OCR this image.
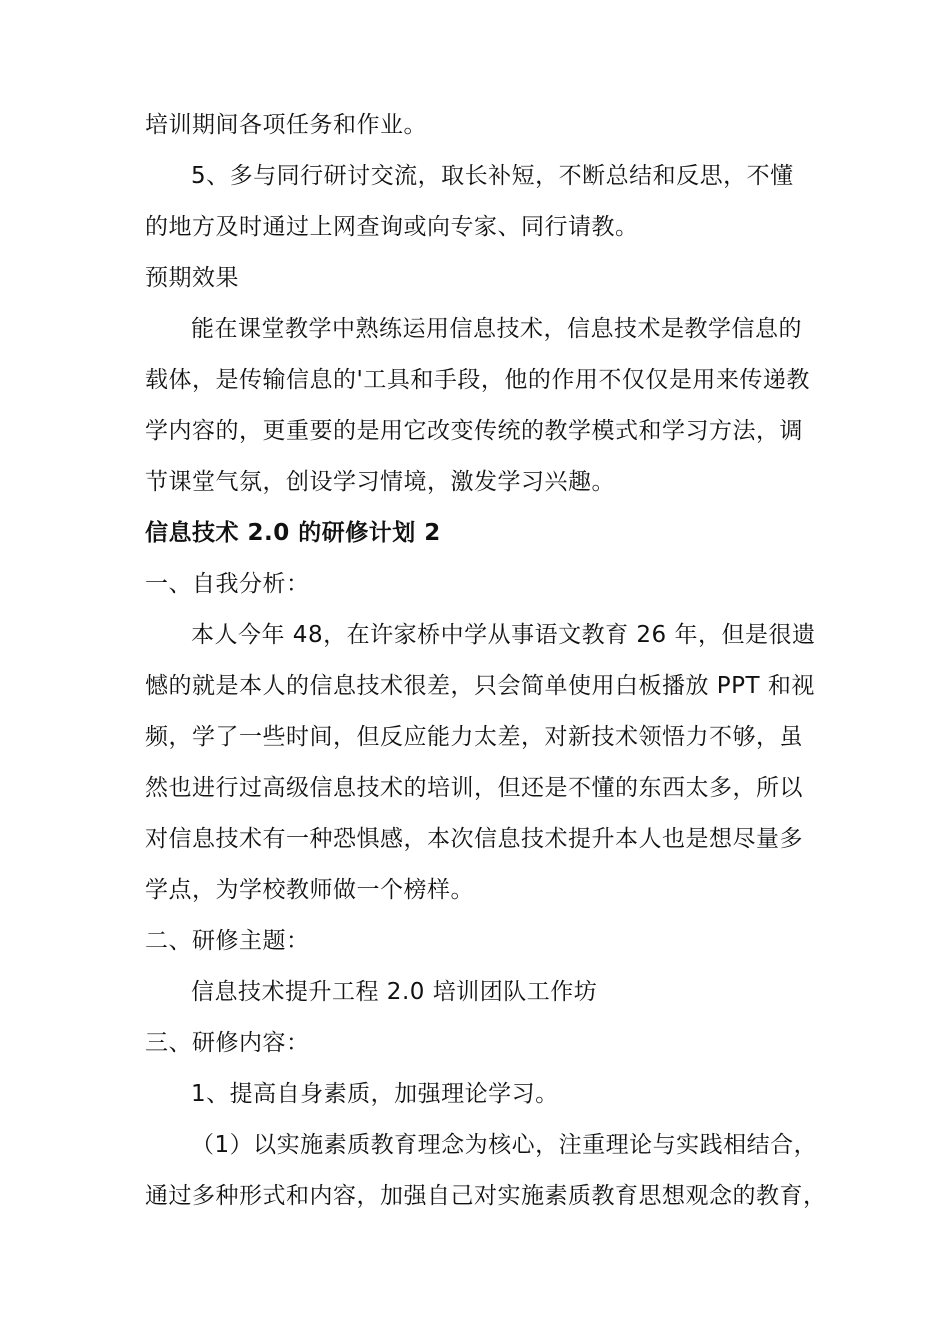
培训期间各项任务和作业。

5、多与同行研讨交流，取长补短，不断总结和反思，不懂
的地方及时通过上网查询或向专家、同行请教。

预期效果

能在课堂教学中熟练运用信息技术，信息技术是教学信息的
载体，是传输信息的'工具和手段，他的作用不仅仅是用来传递教
学内容的，更重要的是用它改变传统的教学模式和学习方法，调
节课堂气氛，创设学习情境，激发学习兴趣。

信息技术 2.0 的研修计划 2

一、自我分析：

本人今年 48，在许家桥中学从事语文教育 26 年，但是很遗
憾的就是本人的信息技术很差，只会简单使用白板播放 PPT 和视
频，学了一些时间，但反应能力太差，对新技术领悟力不够，虽
然也进行过高级信息技术的培训，但还是不懂的东西太多，所以
对信息技术有一种恐惧感，本次信息技术提升本人也是想尽量多
学点，为学校教师做一个榜样。

二、研修主题：

信息技术提升工程 2.0 培训团队工作坊

三、研修内容：

1、提高自身素质，加强理论学习。

（1）以实施素质教育理念为核心，注重理论与实践相结合，
通过多种形式和内容，加强自己对实施素质教育思想观念的教育，
